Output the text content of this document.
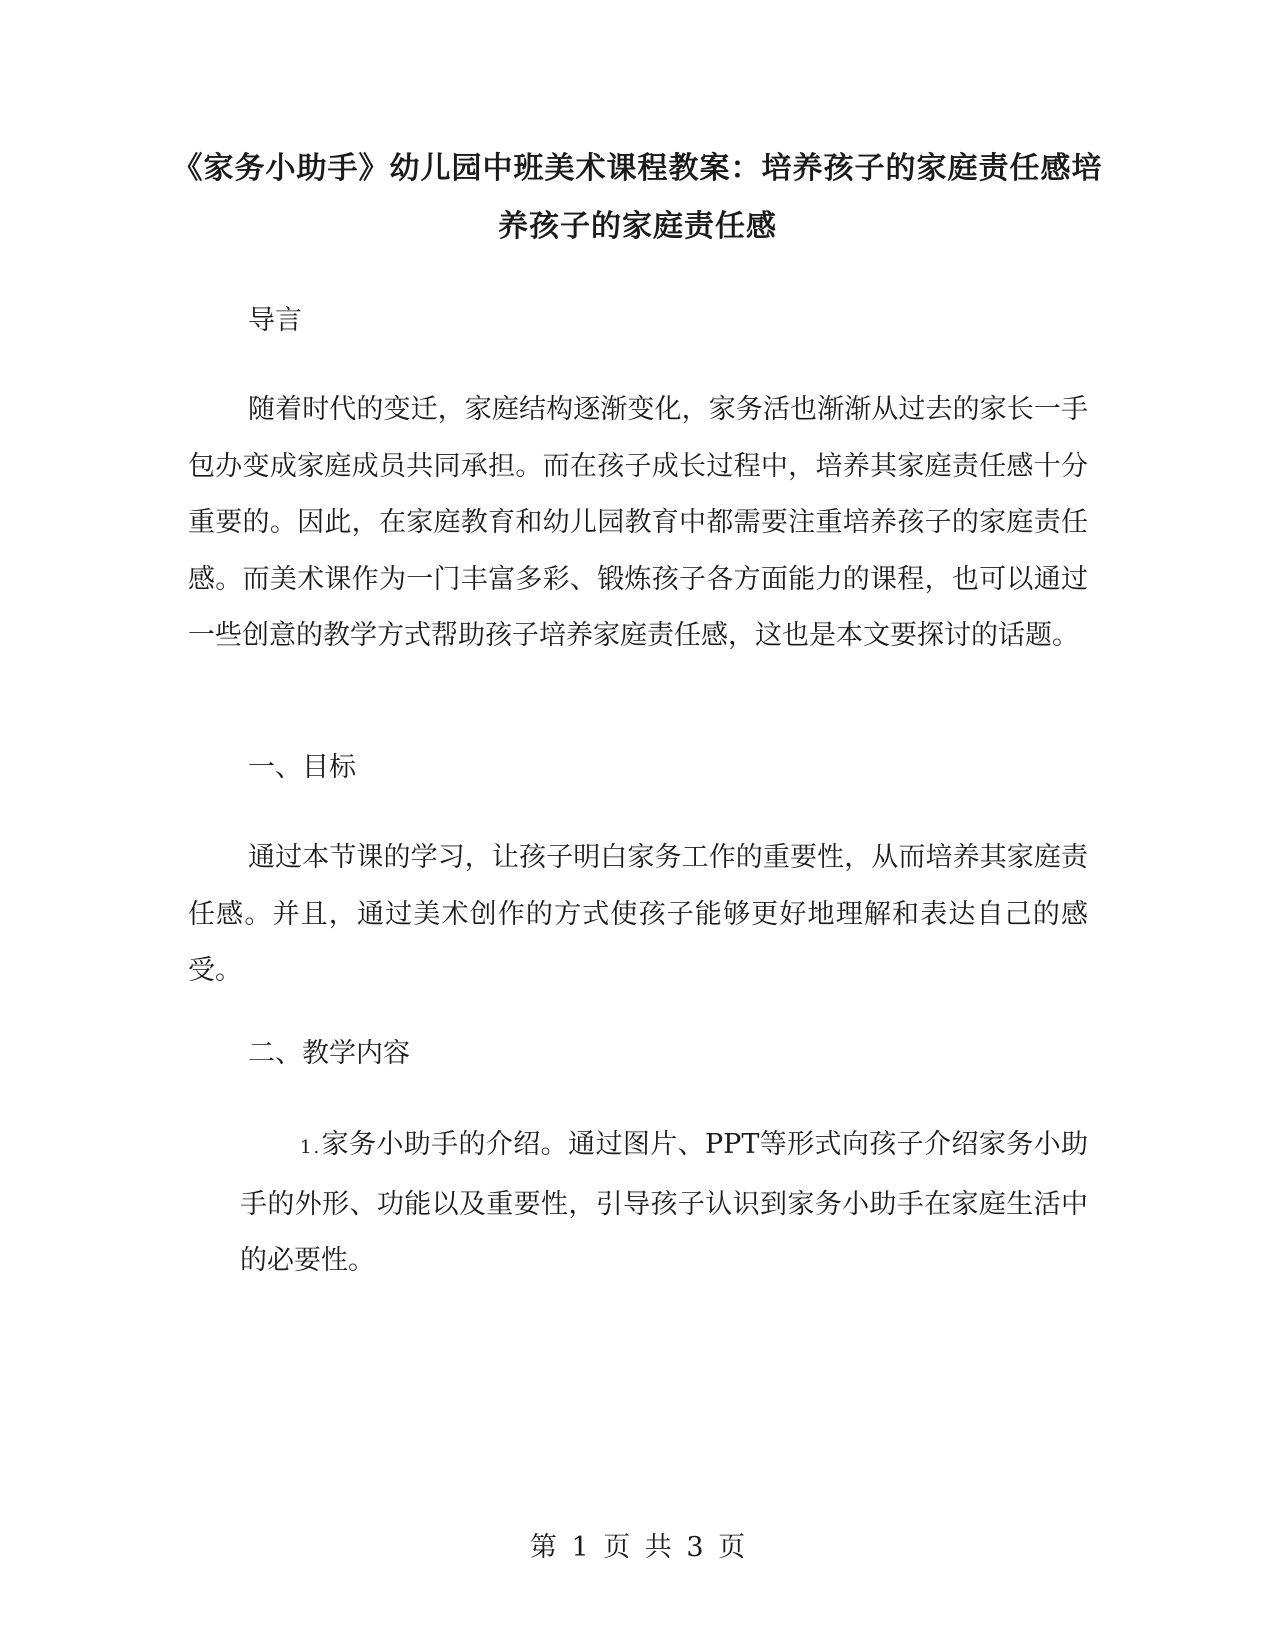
《家务小助手》幼儿园中班美术课程教案：培养孩子的家庭责任感培养孩子的家庭责任感

导言

随着时代的变迁，家庭结构逐渐变化，家务活也渐渐从过去的家长一手包办变成家庭成员共同承担。而在孩子成长过程中，培养其家庭责任感十分重要的。因此，在家庭教育和幼儿园教育中都需要注重培养孩子的家庭责任感。而美术课作为一门丰富多彩、锻炼孩子各方面能力的课程，也可以通过一些创意的教学方式帮助孩子培养家庭责任感，这也是本文要探讨的话题。

一、目标

通过本节课的学习，让孩子明白家务工作的重要性，从而培养其家庭责任感。并且，通过美术创作的方式使孩子能够更好地理解和表达自己的感受。

二、教学内容

1.家务小助手的介绍。通过图片、PPT等形式向孩子介绍家务小助手的外形、功能以及重要性，引导孩子认识到家务小助手在家庭生活中的必要性。

第 1 页 共 3 页
